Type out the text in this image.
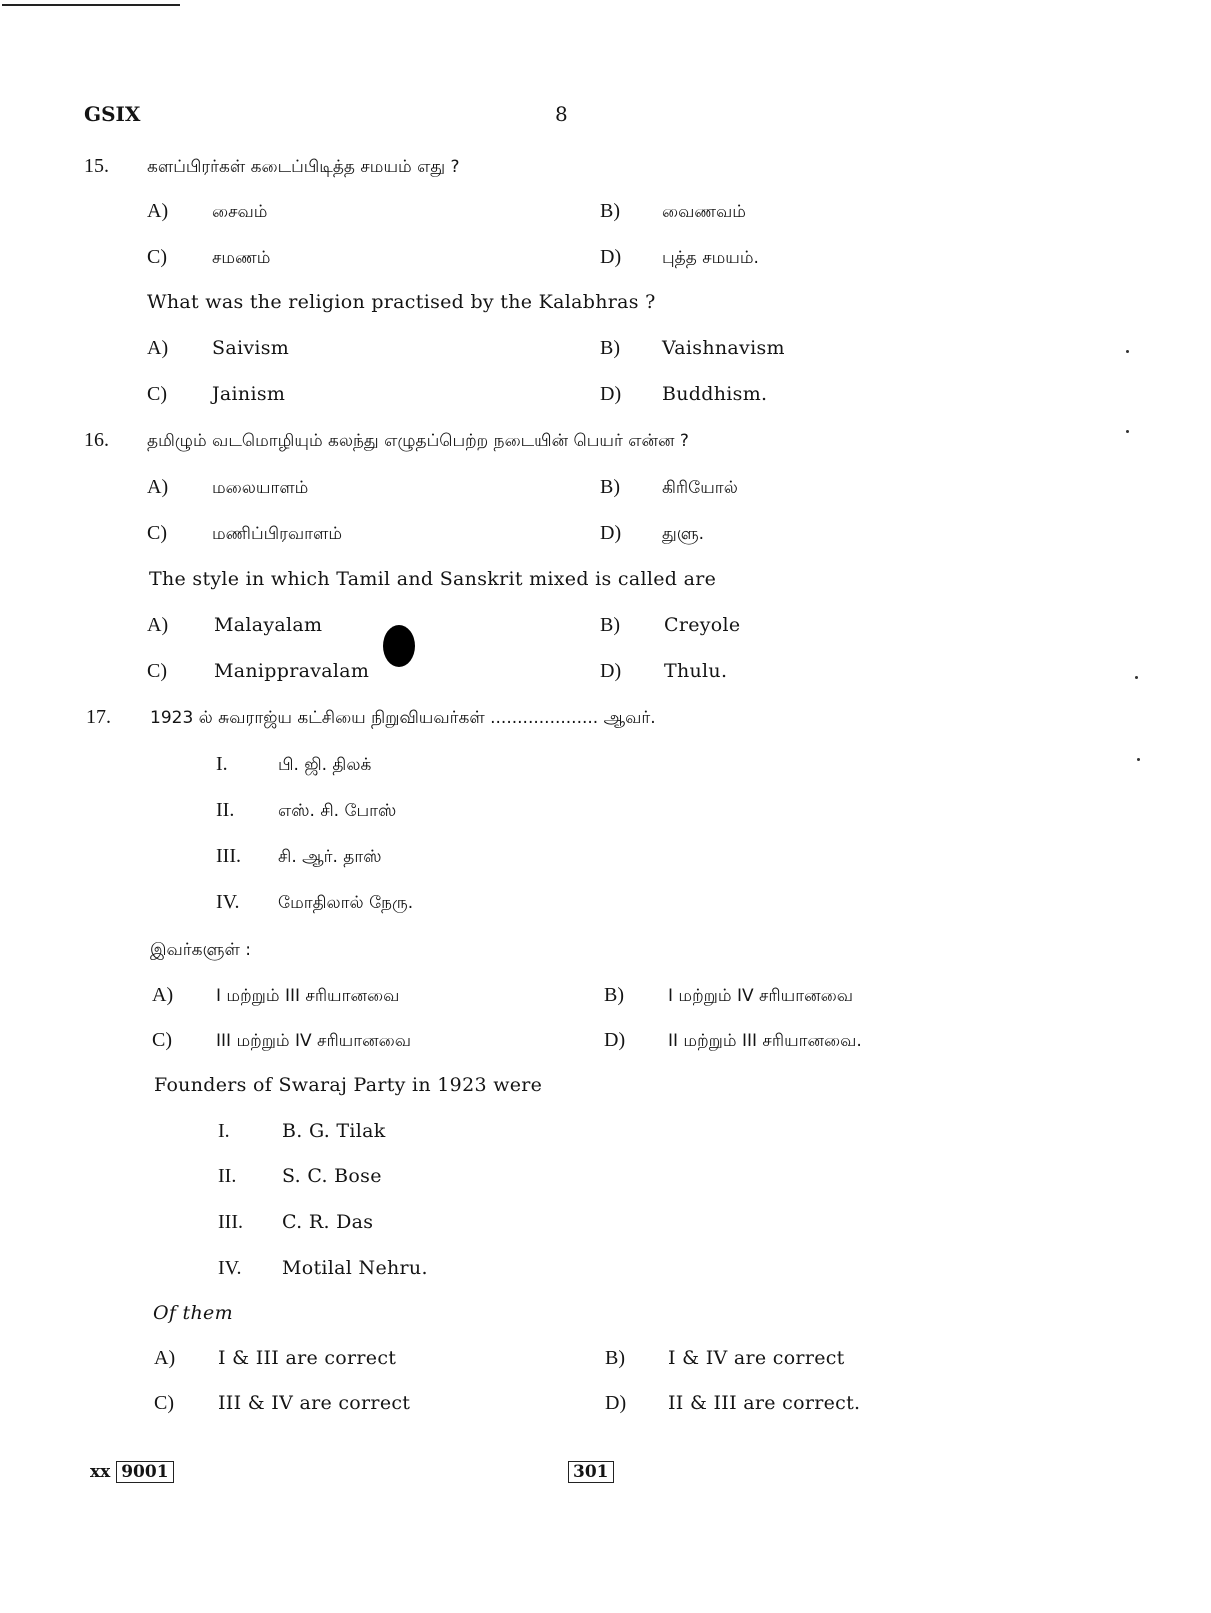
GSIX	8
15. களப்பிரர்கள் கடைப்பிடித்த சமயம் எது ?
A)	சைவம்	B) வைணவம்
C)	சமணம்	D) புத்த சமயம்.
What was the religion practised by the Kalabhras ?
A) Saivism	B) Vaishnavism
C) Jainism	D) Buddhism.
16. தமிழும் வடமொழியும் கலந்து எழுதப்பெற்ற நடையின் பெயர் என்ன ?
A)	மலையாளம்	B) கிரியோல்
C)	மணிப்பிரவாளம்	D) துளு.
The style in which Tamil and Sanskrit mixed is called are
A) Malayalam	B) Creyole
C) Manippravalam	D) Thulu.
17. 1923 ல் சுவராஜ்ய கட்சியை நிறுவியவர்கள் .................... ஆவர்.
I.	பி. ஜி. திலக்
II.	எஸ். சி. போஸ்
III. சி. ஆர். தாஸ்
IV. மோதிலால் நேரு.
இவர்களுள் :
A)	I மற்றும் III சரியானவை	B)	I மற்றும் IV சரியானவை
C)	III மற்றும் IV சரியானவை	D)	II மற்றும் III சரியானவை.
Founders of Swaraj Party in 1923 were
I.	B. G. Tilak
II. S. C. Bose
III. C. R. Das
IV. Motilal Nehru.
Of them
A) I & III are correct	B) I & IV are correct
C) III & IV are correct	D) II & III are correct.
xx 9001	301
